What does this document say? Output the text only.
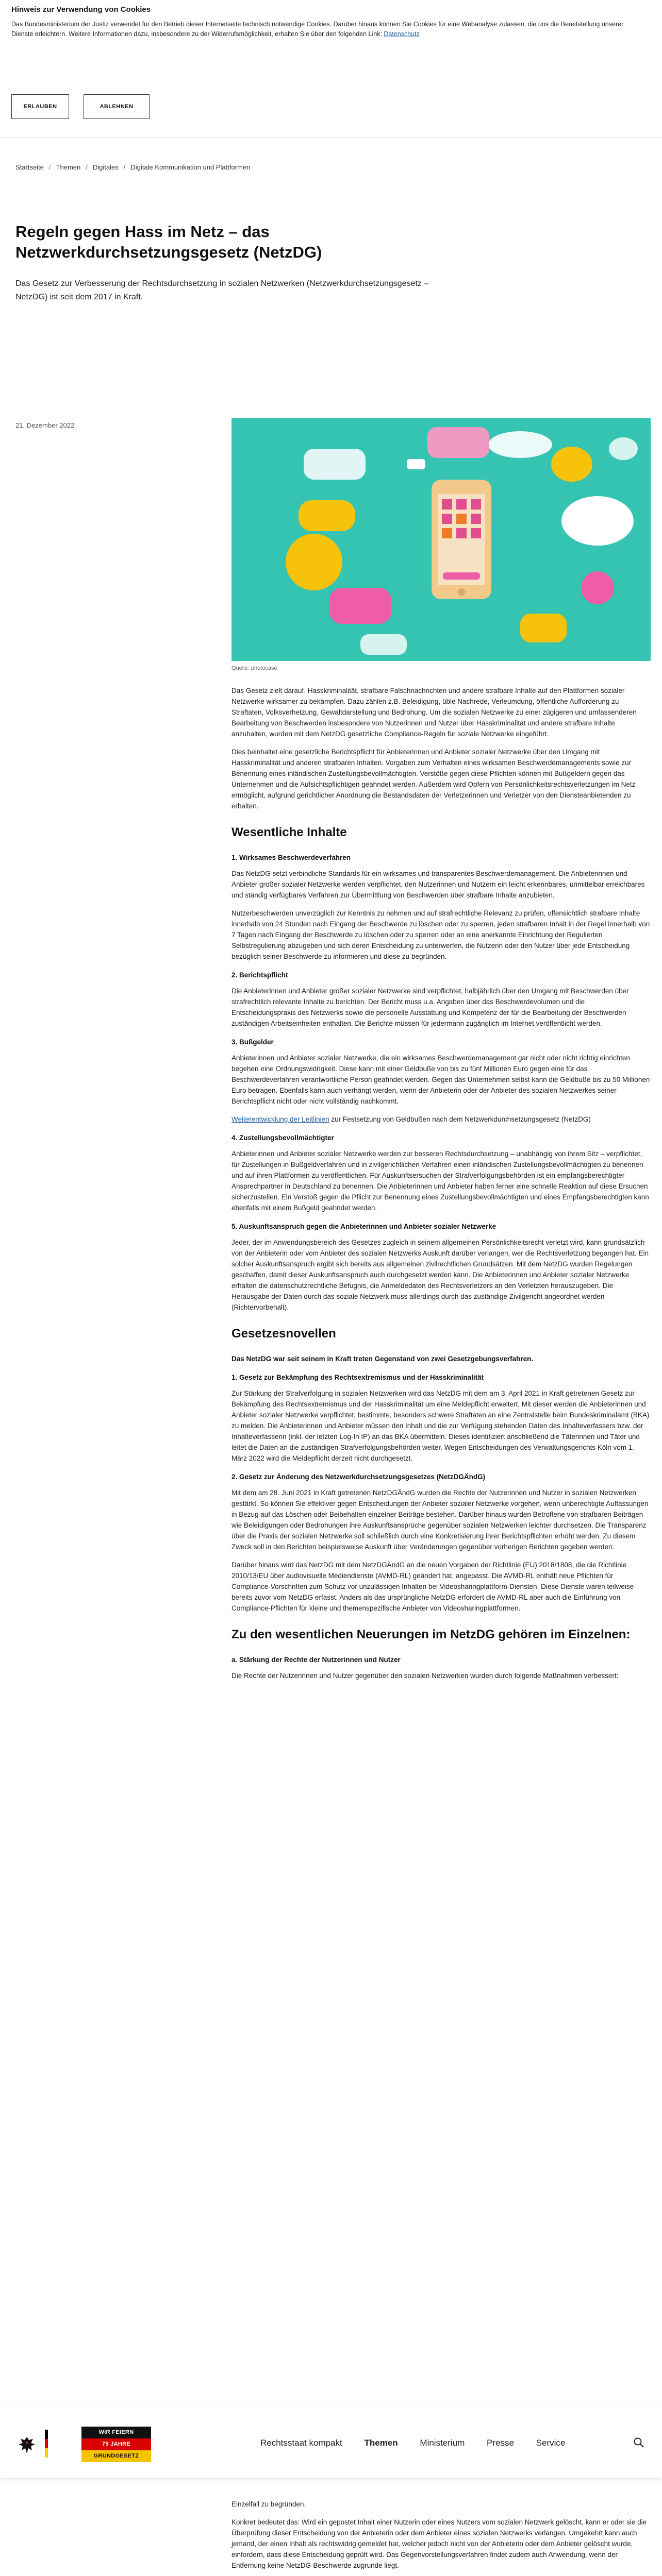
Hinweis zur Verwendung von Cookies

Das Bundesministerium der Justiz verwendet für den Betrieb dieser Internetseite technisch notwendige Cookies. Darüber hinaus können Sie Cookies für eine Webanalyse zulassen, die uns die Bereitstellung unserer Dienste erleichtern. Weitere Informationen dazu, insbesondere zu der Widerrufsmöglichkeit, erhalten Sie über den folgenden Link: Datenschutz

ERLAUBEN	ABLEHNEN
Startseite / Themen / Digitales / Digitale Kommunikation und Plattformen
Regeln gegen Hass im Netz – das Netzwerkdurchsetzungsgesetz (NetzDG)

Das Gesetz zur Verbesserung der Rechtsdurchsetzung in sozialen Netzwerken (Netzwerkdurchsetzungsgesetz – NetzDG) ist seit dem 2017 in Kraft.

21. Dezember 2022
Quelle: photocase

Das Gesetz zielt darauf, Hasskriminalität, strafbare Falschnachrichten und andere strafbare Inhalte auf den Plattformen sozialer Netzwerke wirksamer zu bekämpfen. Dazu zählen z.B. Beleidigung, üble Nachrede, Verleumdung, öffentliche Aufforderung zu Straftaten, Volksverhetzung, Gewaltdarstellung und Bedrohung. Um die sozialen Netzwerke zu einer zügigeren und umfassenderen Bearbeitung von Beschwerden insbesondere von Nutzerinnen und Nutzer über Hasskriminalität und andere strafbare Inhalte anzuhalten, wurden mit dem NetzDG gesetzliche Compliance-Regeln für soziale Netzwerke eingeführt.

Dies beinhaltet eine gesetzliche Berichtspflicht für Anbieterinnen und Anbieter sozialer Netzwerke über den Umgang mit Hasskriminalität und anderen strafbaren Inhalten. Vorgaben zum Verhalten eines wirksamen Beschwerdemanagements sowie zur Benennung eines inländischen Zustellungsbevollmächtigten. Verstöße gegen diese Pflichten können mit Bußgeldern gegen das Unternehmen und die Aufsichtspflichtigen geahndet werden. Außerdem wird Opfern von Persönlichkeitsrechtsverletzungen im Netz ermöglicht, aufgrund gerichtlicher Anordnung die Bestandsdaten der Verletzerinnen und Verletzer von den Diensteanbietenden zu erhalten.

Wesentliche Inhalte
1. Wirksames Beschwerdeverfahren

Das NetzDG setzt verbindliche Standards für ein wirksames und transparentes Beschwerdemanagement. Die Anbieterinnen und Anbieter großer sozialer Netzwerke werden verpflichtet, den Nutzerinnen und Nutzern ein leicht erkennbares, unmittelbar erreichbares und ständig verfügbares Verfahren zur Übermittlung von Beschwerden über strafbare Inhalte anzubieten.

Nutzerbeschwerden unverzüglich zur Kenntnis zu nehmen und auf strafrechtliche Relevanz zu prüfen, offensichtlich strafbare Inhalte innerhalb von 24 Stunden nach Eingang der Beschwerde zu löschen oder zu sperren, jeden strafbaren Inhalt in der Regel innerhalb von 7 Tagen nach Eingang der Beschwerde zu löschen oder zu sperren oder an eine anerkannte Einrichtung der Regulierten Selbstregulierung abzugeben und sich deren Entscheidung zu unterwerfen, die Nutzerin oder den Nutzer über jede Entscheidung bezüglich seiner Beschwerde zu informieren und diese zu begründen.

2. Berichtspflicht

Die Anbieterinnen und Anbieter großer sozialer Netzwerke sind verpflichtet, halbjährlich über den Umgang mit Beschwerden über strafrechtlich relevante Inhalte zu berichten. Der Bericht muss u.a. Angaben über das Beschwerdevolumen und die Entscheidungspraxis des Netzwerks sowie die personelle Ausstattung und Kompetenz der für die Bearbeitung der Beschwerden zuständigen Arbeitseinheiten enthalten. Die Berichte müssen für jedermann zugänglich im Internet veröffentlicht werden.

3. Bußgelder

Anbieterinnen und Anbieter sozialer Netzwerke, die ein wirksames Beschwerdemanagement gar nicht oder nicht richtig einrichten begehen eine Ordnungswidrigkeit. Diese kann mit einer Geldbuße von bis zu fünf Millionen Euro gegen eine für das Beschwerdeverfahren verantwortliche Person geahndet werden. Gegen das Unternehmen selbst kann die Geldbuße bis zu 50 Millionen Euro betragen. Ebenfalls kann auch verhängt werden, wenn der Anbieterin oder der Anbieter des sozialen Netzwerkes seiner Berichtspflicht nicht oder nicht vollständig nachkommt.

Weiterentwicklung der Leitlinien zur Festsetzung von Geldbußen nach dem Netzwerkdurchsetzungsgesetz (NetzDG)

4. Zustellungsbevollmächtigter

Anbieterinnen und Anbieter sozialer Netzwerke werden zur besseren Rechtsdurchsetzung – unabhängig von ihrem Sitz – verpflichtet, für Zustellungen in Bußgeldverfahren und in zivilgerichtlichen Verfahren einen inländischen Zustellungsbevollmächtigten zu benennen und auf ihren Plattformen zu veröffentlichen. Für Auskunftsersuchen der Strafverfolgungsbehörden ist ein empfangsberechtigter Ansprechpartner in Deutschland zu benennen. Die Anbieterinnen und Anbieter haben ferner eine schnelle Reaktion auf diese Ersuchen sicherzustellen. Ein Verstoß gegen die Pflicht zur Benennung eines Zustellungsbevollmächtigten und eines Empfangsberechtigten kann ebenfalls mit einem Bußgeld geahndet werden.

5. Auskunftsanspruch gegen die Anbieterinnen und Anbieter sozialer Netzwerke

Jeder, der im Anwendungsbereich des Gesetzes zugleich in seinem allgemeinen Persönlichkeitsrecht verletzt wird, kann grundsätzlich von der Anbieterin oder vom Anbieter des sozialen Netzwerks Auskunft darüber verlangen, wer die Rechtsverletzung begangen hat. Ein solcher Auskunftsanspruch ergibt sich bereits aus allgemeinen zivilrechtlichen Grundsätzen. Mit dem NetzDG wurden Regelungen geschaffen, damit dieser Auskunftsanspruch auch durchgesetzt werden kann. Die Anbieterinnen und Anbieter sozialer Netzwerke erhalten die datenschutzrechtliche Befugnis, die Anmeldedaten des Rechtsverletzers an den Verletzten herauszugeben. Die Herausgabe der Daten durch das soziale Netzwerk muss allerdings durch das zuständige Zivilgericht angeordnet werden (Richtervorbehalt).

Gesetzesnovellen
Das NetzDG war seit seinem in Kraft treten Gegenstand von zwei Gesetzgebungsverfahren.
1. Gesetz zur Bekämpfung des Rechtsextremismus und der Hasskriminalität

Zur Stärkung der Strafverfolgung in sozialen Netzwerken wird das NetzDG mit dem am 3. April 2021 in Kraft getretenen Gesetz zur Bekämpfung des Rechtsextremismus und der Hasskriminalität um eine Meldepflicht erweitert. Mit dieser werden die Anbieterinnen und Anbieter sozialer Netzwerke verpflichtet, bestimmte, besonders schwere Straftaten an eine Zentralstelle beim Bundeskriminalamt (BKA) zu melden. Die Anbieterinnen und Anbieter müssen den Inhalt und die zur Verfügung stehenden Daten des Inhalteverfassers bzw. der Inhalteverfasserin (inkl. der letzten Log-In IP) an das BKA übermitteln. Dieses identifiziert anschließend die Täterinnen und Täter und leitet die Daten an die zuständigen Strafverfolgungsbehörden weiter. Wegen Entscheidungen des Verwaltungsgerichts Köln vom 1. März 2022 wird die Meldepflicht derzeit nicht durchgesetzt.

2. Gesetz zur Änderung des Netzwerkdurchsetzungsgesetzes (NetzDGÄndG)

Mit dem am 28. Juni 2021 in Kraft getretenen NetzDGÄndG wurden die Rechte der Nutzerinnen und Nutzer in sozialen Netzwerken gestärkt. So können Sie effektiver gegen Entscheidungen der Anbieter sozialer Netzwerke vorgehen, wenn unberechtigte Auffassungen in Bezug auf das Löschen oder Beibehalten einzelner Beiträge bestehen. Darüber hinaus wurden Betroffene von strafbaren Beiträgen wie Beleidigungen oder Bedrohungen ihre Auskunftsansprüche gegenüber sozialen Netzwerken leichter durchsetzen. Die Transparenz über die Praxis der sozialen Netzwerke soll schließlich durch eine Konkretisierung ihrer Berichtspflichten erhöht werden. Zu diesem Zweck soll in den Berichten beispielsweise Auskunft über Veränderungen gegenüber vorherigen Berichten gegeben werden.

Darüber hinaus wird das NetzDG mit dem NetzDGÄndG an die neuen Vorgaben der Richtlinie (EU) 2018/1808, die die Richtlinie 2010/13/EU über audiovisuelle Mediendienste (AVMD-RL) geändert hat, angepasst. Die AVMD-RL enthält neue Pflichten für Compliance-Vorschriften zum Schutz vor unzulässigen Inhalten bei Videosharingplattform-Diensten. Diese Dienste waren teilweise bereits zuvor vom NetzDG erfasst. Anders als das ursprüngliche NetzDG erfordert die AVMD-RL aber auch die Einführung von Compliance-Pflichten für kleine und themenspezifische Anbieter von Videosharingplattformen.

Zu den wesentlichen Neuerungen im NetzDG gehören im Einzelnen:
a. Stärkung der Rechte der Nutzerinnen und Nutzer

Die Rechte der Nutzerinnen und Nutzer gegenüber den sozialen Netzwerken wurden durch folgende Maßnahmen verbessert:

WIR FEIERN
75 JAHRE
GRUNDGESETZ
Rechtsstaat kompakt	Themen	Ministerium	Presse	Service

Einzelfall zu begründen.

Konkret bedeutet das: Wird ein gepostet Inhalt einer Nutzerin oder eines Nutzers vom sozialen Netzwerk gelöscht, kann er oder sie die Überprüfung dieser Entscheidung von der Anbieterin oder dem Anbieter eines sozialen Netzwerks verlangen. Umgekehrt kann auch jemand, der einen Inhalt als rechtswidrig gemeldet hat, welcher jedoch nicht von der Anbieterin oder dem Anbieter gelöscht wurde, einfordern, dass diese Entscheidung geprüft wird. Das Gegenvorstellungsverfahren findet zudem auch Anwendung, wenn der Entfernung keine NetzDG-Beschwerde zugrunde liegt.
